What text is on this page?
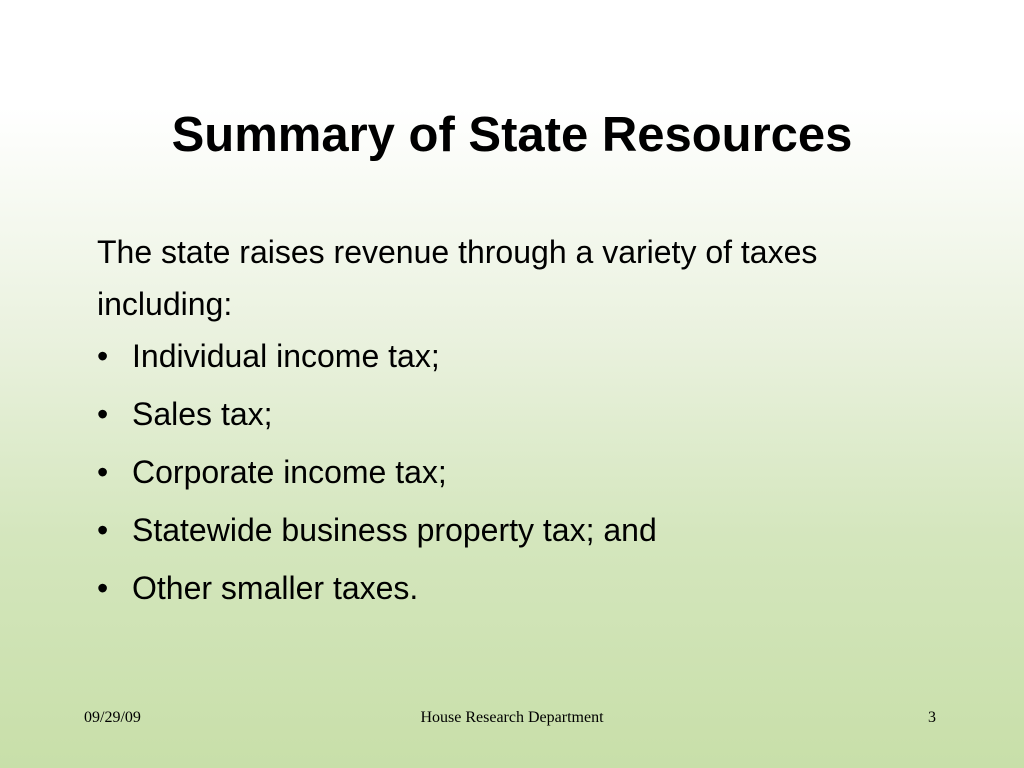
Summary of State Resources

The state raises revenue through a variety of taxes including:

• Individual income tax;
• Sales tax;
• Corporate income tax;
• Statewide business property tax; and
• Other smaller taxes.
09/29/09	House Research Department	3
